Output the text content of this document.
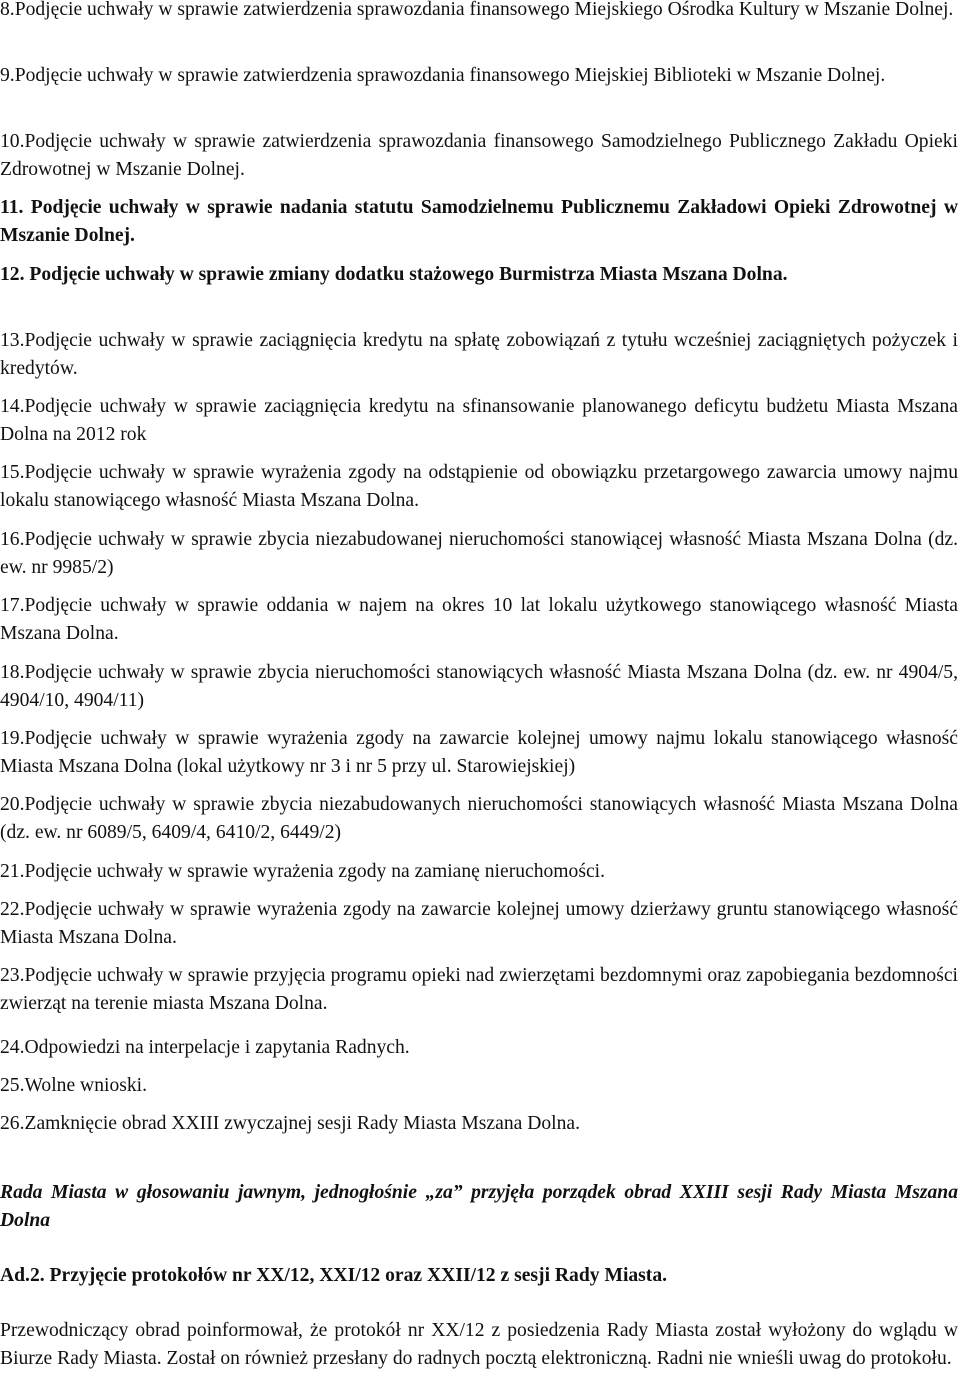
8.Podjęcie uchwały w sprawie zatwierdzenia sprawozdania finansowego Miejskiego Ośrodka Kultury w Mszanie Dolnej.

9.Podjęcie uchwały w sprawie zatwierdzenia sprawozdania finansowego Miejskiej Biblioteki w Mszanie Dolnej.

10.Podjęcie uchwały w sprawie zatwierdzenia sprawozdania finansowego Samodzielnego Publicznego Zakładu Opieki Zdrowotnej w Mszanie Dolnej.

11. Podjęcie uchwały w sprawie nadania statutu Samodzielnemu Publicznemu Zakładowi Opieki Zdrowotnej w Mszanie Dolnej.

12. Podjęcie uchwały w sprawie zmiany dodatku stażowego Burmistrza Miasta Mszana Dolna.

13.Podjęcie uchwały w sprawie zaciągnięcia kredytu na spłatę zobowiązań z tytułu wcześniej zaciągniętych pożyczek i kredytów.

14.Podjęcie uchwały w sprawie zaciągnięcia kredytu na sfinansowanie planowanego deficytu budżetu Miasta Mszana Dolna na 2012 rok

15.Podjęcie uchwały w sprawie wyrażenia zgody na odstąpienie od obowiązku przetargowego zawarcia umowy najmu lokalu stanowiącego własność Miasta Mszana Dolna.

16.Podjęcie uchwały w sprawie zbycia niezabudowanej nieruchomości stanowiącej własność Miasta Mszana Dolna (dz. ew. nr 9985/2)

17.Podjęcie uchwały w sprawie oddania w najem na okres 10 lat lokalu użytkowego stanowiącego własność Miasta Mszana Dolna.

18.Podjęcie uchwały w sprawie zbycia nieruchomości stanowiących własność Miasta Mszana Dolna (dz. ew. nr 4904/5, 4904/10, 4904/11)

19.Podjęcie uchwały w sprawie wyrażenia zgody na zawarcie kolejnej umowy najmu lokalu stanowiącego własność Miasta Mszana Dolna (lokal użytkowy nr 3 i nr 5 przy ul. Starowiejskiej)

20.Podjęcie uchwały w sprawie zbycia niezabudowanych nieruchomości stanowiących własność Miasta Mszana Dolna (dz. ew. nr 6089/5, 6409/4, 6410/2, 6449/2)

21.Podjęcie uchwały w sprawie wyrażenia zgody na zamianę nieruchomości.

22.Podjęcie uchwały w sprawie wyrażenia zgody na zawarcie kolejnej umowy dzierżawy gruntu stanowiącego własność Miasta Mszana Dolna.

23.Podjęcie uchwały w sprawie przyjęcia programu opieki nad zwierzętami bezdomnymi oraz zapobiegania bezdomności zwierząt na terenie miasta Mszana Dolna.

24.Odpowiedzi na interpelacje i zapytania Radnych.

25.Wolne wnioski.

26.Zamknięcie obrad XXIII zwyczajnej sesji Rady Miasta Mszana Dolna.

Rada Miasta w głosowaniu jawnym, jednogłośnie „za” przyjęła porządek obrad XXIII sesji Rady Miasta Mszana Dolna

Ad.2. Przyjęcie protokołów nr XX/12, XXI/12 oraz XXII/12 z sesji Rady Miasta.

Przewodniczący obrad poinformował, że protokół nr XX/12 z posiedzenia Rady Miasta został wyłożony do wglądu w Biurze Rady Miasta. Został on również przesłany do radnych pocztą elektroniczną. Radni nie wnieśli uwag do protokołu.
